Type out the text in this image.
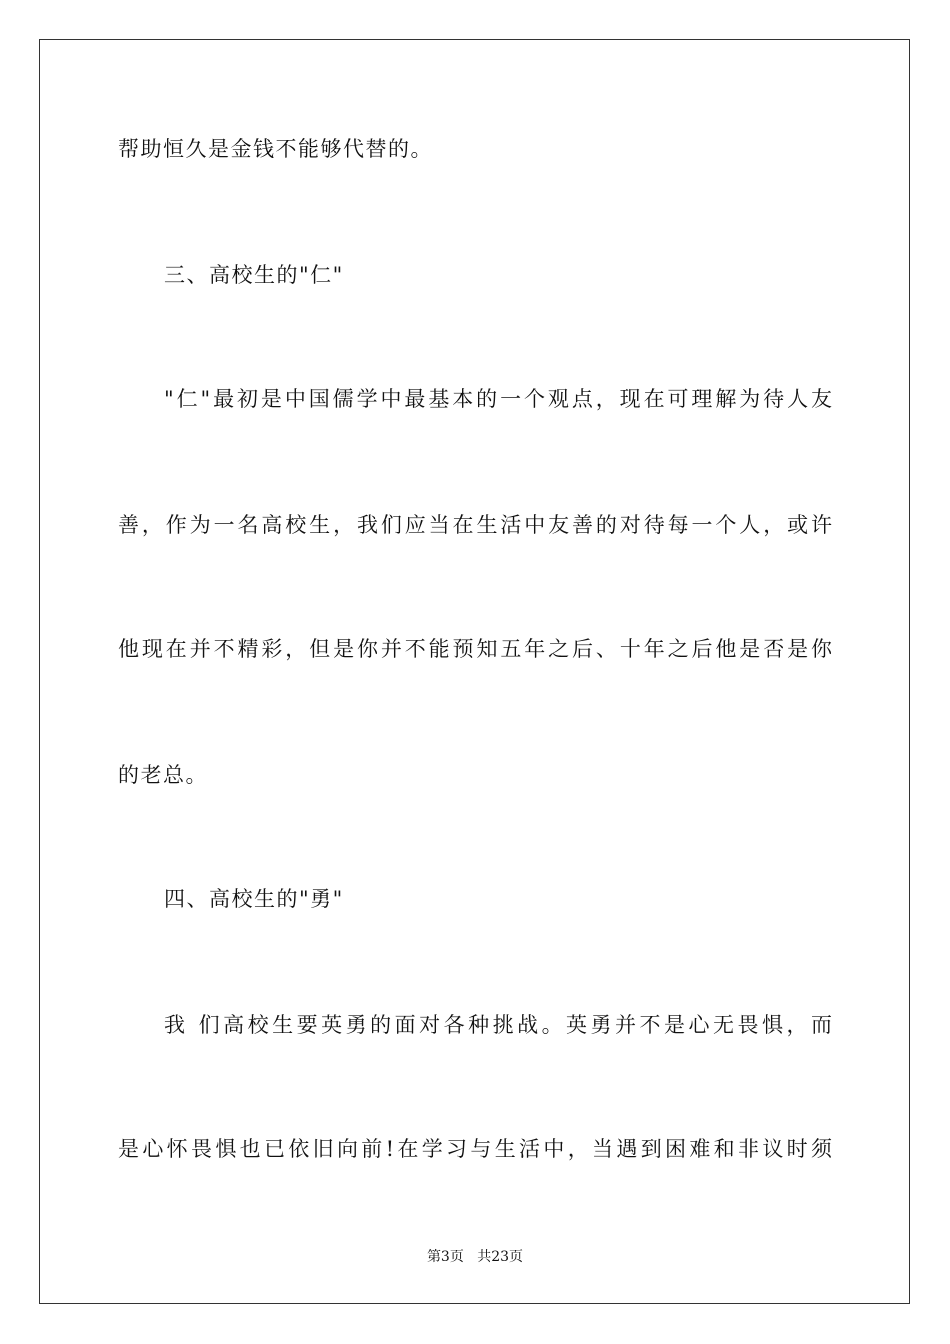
帮助恒久是金钱不能够代替的。
三、高校生的"仁"
"仁"最初是中国儒学中最基本的一个观点，现在可理解为待人友
善，作为一名高校生，我们应当在生活中友善的对待每一个人，或许
他现在并不精彩，但是你并不能预知五年之后、十年之后他是否是你
的老总。
四、高校生的"勇"
我 们高校生要英勇的面对各种挑战。英勇并不是心无畏惧，而
是心怀畏惧也已依旧向前!在学习与生活中，当遇到困难和非议时须
第3页 共23页
